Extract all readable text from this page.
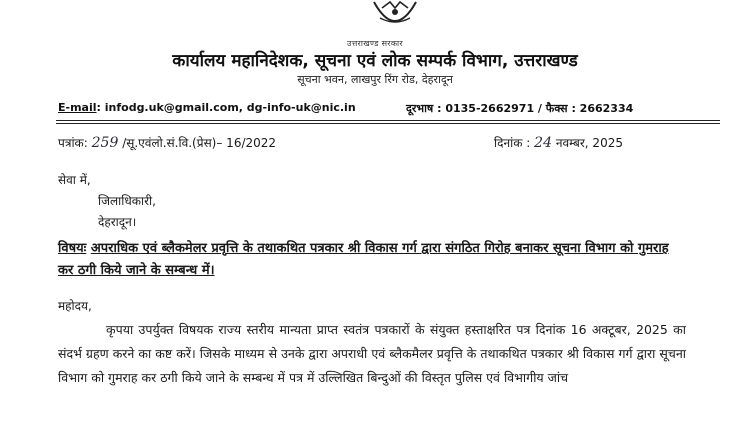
उत्तराखण्ड सरकार
कार्यालय महानिदेशक, सूचना एवं लोक सम्पर्क विभाग, उत्तराखण्ड
सूचना भवन, लाखपुर रिंग रोड, देहरादून
E-mail: infodg.uk@gmail.com, dg-info-uk@nic.in	दूरभाष : 0135-2662971 / फैक्स : 2662334
पत्रांक: 259 /सू.एवंलो.सं.वि.(प्रेस)– 16/2022	दिनांक : 24 नवम्बर, 2025
सेवा में,
जिलाधिकारी,
देहरादून।
विषयः अपराधिक एवं ब्लैकमेलर प्रवृत्ति के तथाकथित पत्रकार श्री विकास गर्ग द्वारा संगठित गिरोह बनाकर सूचना विभाग को गुमराह कर ठगी किये जाने के सम्बन्ध में।
महोदय,
कृपया उपर्युक्त विषयक राज्य स्तरीय मान्यता प्राप्त स्वतंत्र पत्रकारों के संयुक्त हस्ताक्षरित पत्र दिनांक 16 अक्टूबर, 2025 का संदर्भ ग्रहण करने का कष्ट करें। जिसके माध्यम से उनके द्वारा अपराधी एवं ब्लैकमैलर प्रवृत्ति के तथाकथित पत्रकार श्री विकास गर्ग द्वारा सूचना विभाग को गुमराह कर ठगी किये जाने के सम्बन्ध में पत्र में उल्लिखित बिन्दुओं की विस्तृत पुलिस एवं विभागीय जांच
